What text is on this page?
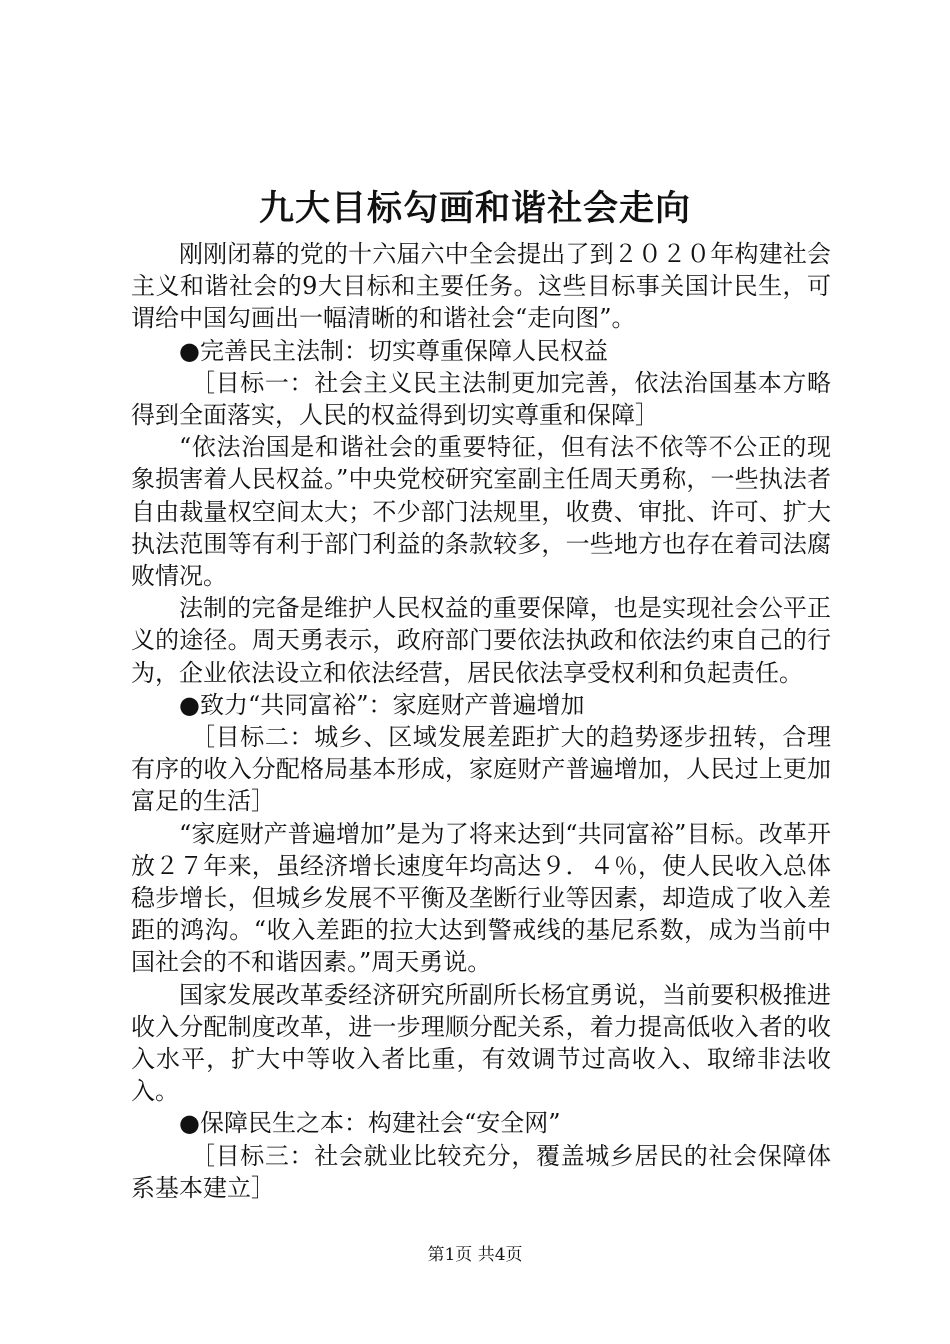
九大目标勾画和谐社会走向

刚刚闭幕的党的十六届六中全会提出了到２０２０年构建社会主义和谐社会的9大目标和主要任务。这些目标事关国计民生，可谓给中国勾画出一幅清晰的和谐社会“走向图”。

●完善民主法制：切实尊重保障人民权益

［目标一：社会主义民主法制更加完善，依法治国基本方略得到全面落实，人民的权益得到切实尊重和保障］

“依法治国是和谐社会的重要特征，但有法不依等不公正的现象损害着人民权益。”中央党校研究室副主任周天勇称，一些执法者自由裁量权空间太大；不少部门法规里，收费、审批、许可、扩大执法范围等有利于部门利益的条款较多，一些地方也存在着司法腐败情况。

法制的完备是维护人民权益的重要保障，也是实现社会公平正义的途径。周天勇表示，政府部门要依法执政和依法约束自己的行为，企业依法设立和依法经营，居民依法享受权利和负起责任。

●致力“共同富裕”：家庭财产普遍增加

［目标二：城乡、区域发展差距扩大的趋势逐步扭转，合理有序的收入分配格局基本形成，家庭财产普遍增加，人民过上更加富足的生活］

“家庭财产普遍增加”是为了将来达到“共同富裕”目标。改革开放２７年来，虽经济增长速度年均高达９．４％，使人民收入总体稳步增长，但城乡发展不平衡及垄断行业等因素，却造成了收入差距的鸿沟。“收入差距的拉大达到警戒线的基尼系数，成为当前中国社会的不和谐因素。”周天勇说。

国家发展改革委经济研究所副所长杨宜勇说，当前要积极推进收入分配制度改革，进一步理顺分配关系，着力提高低收入者的收入水平，扩大中等收入者比重，有效调节过高收入、取缔非法收入。

●保障民生之本：构建社会“安全网”

［目标三：社会就业比较充分，覆盖城乡居民的社会保障体系基本建立］

第1页 共4页
